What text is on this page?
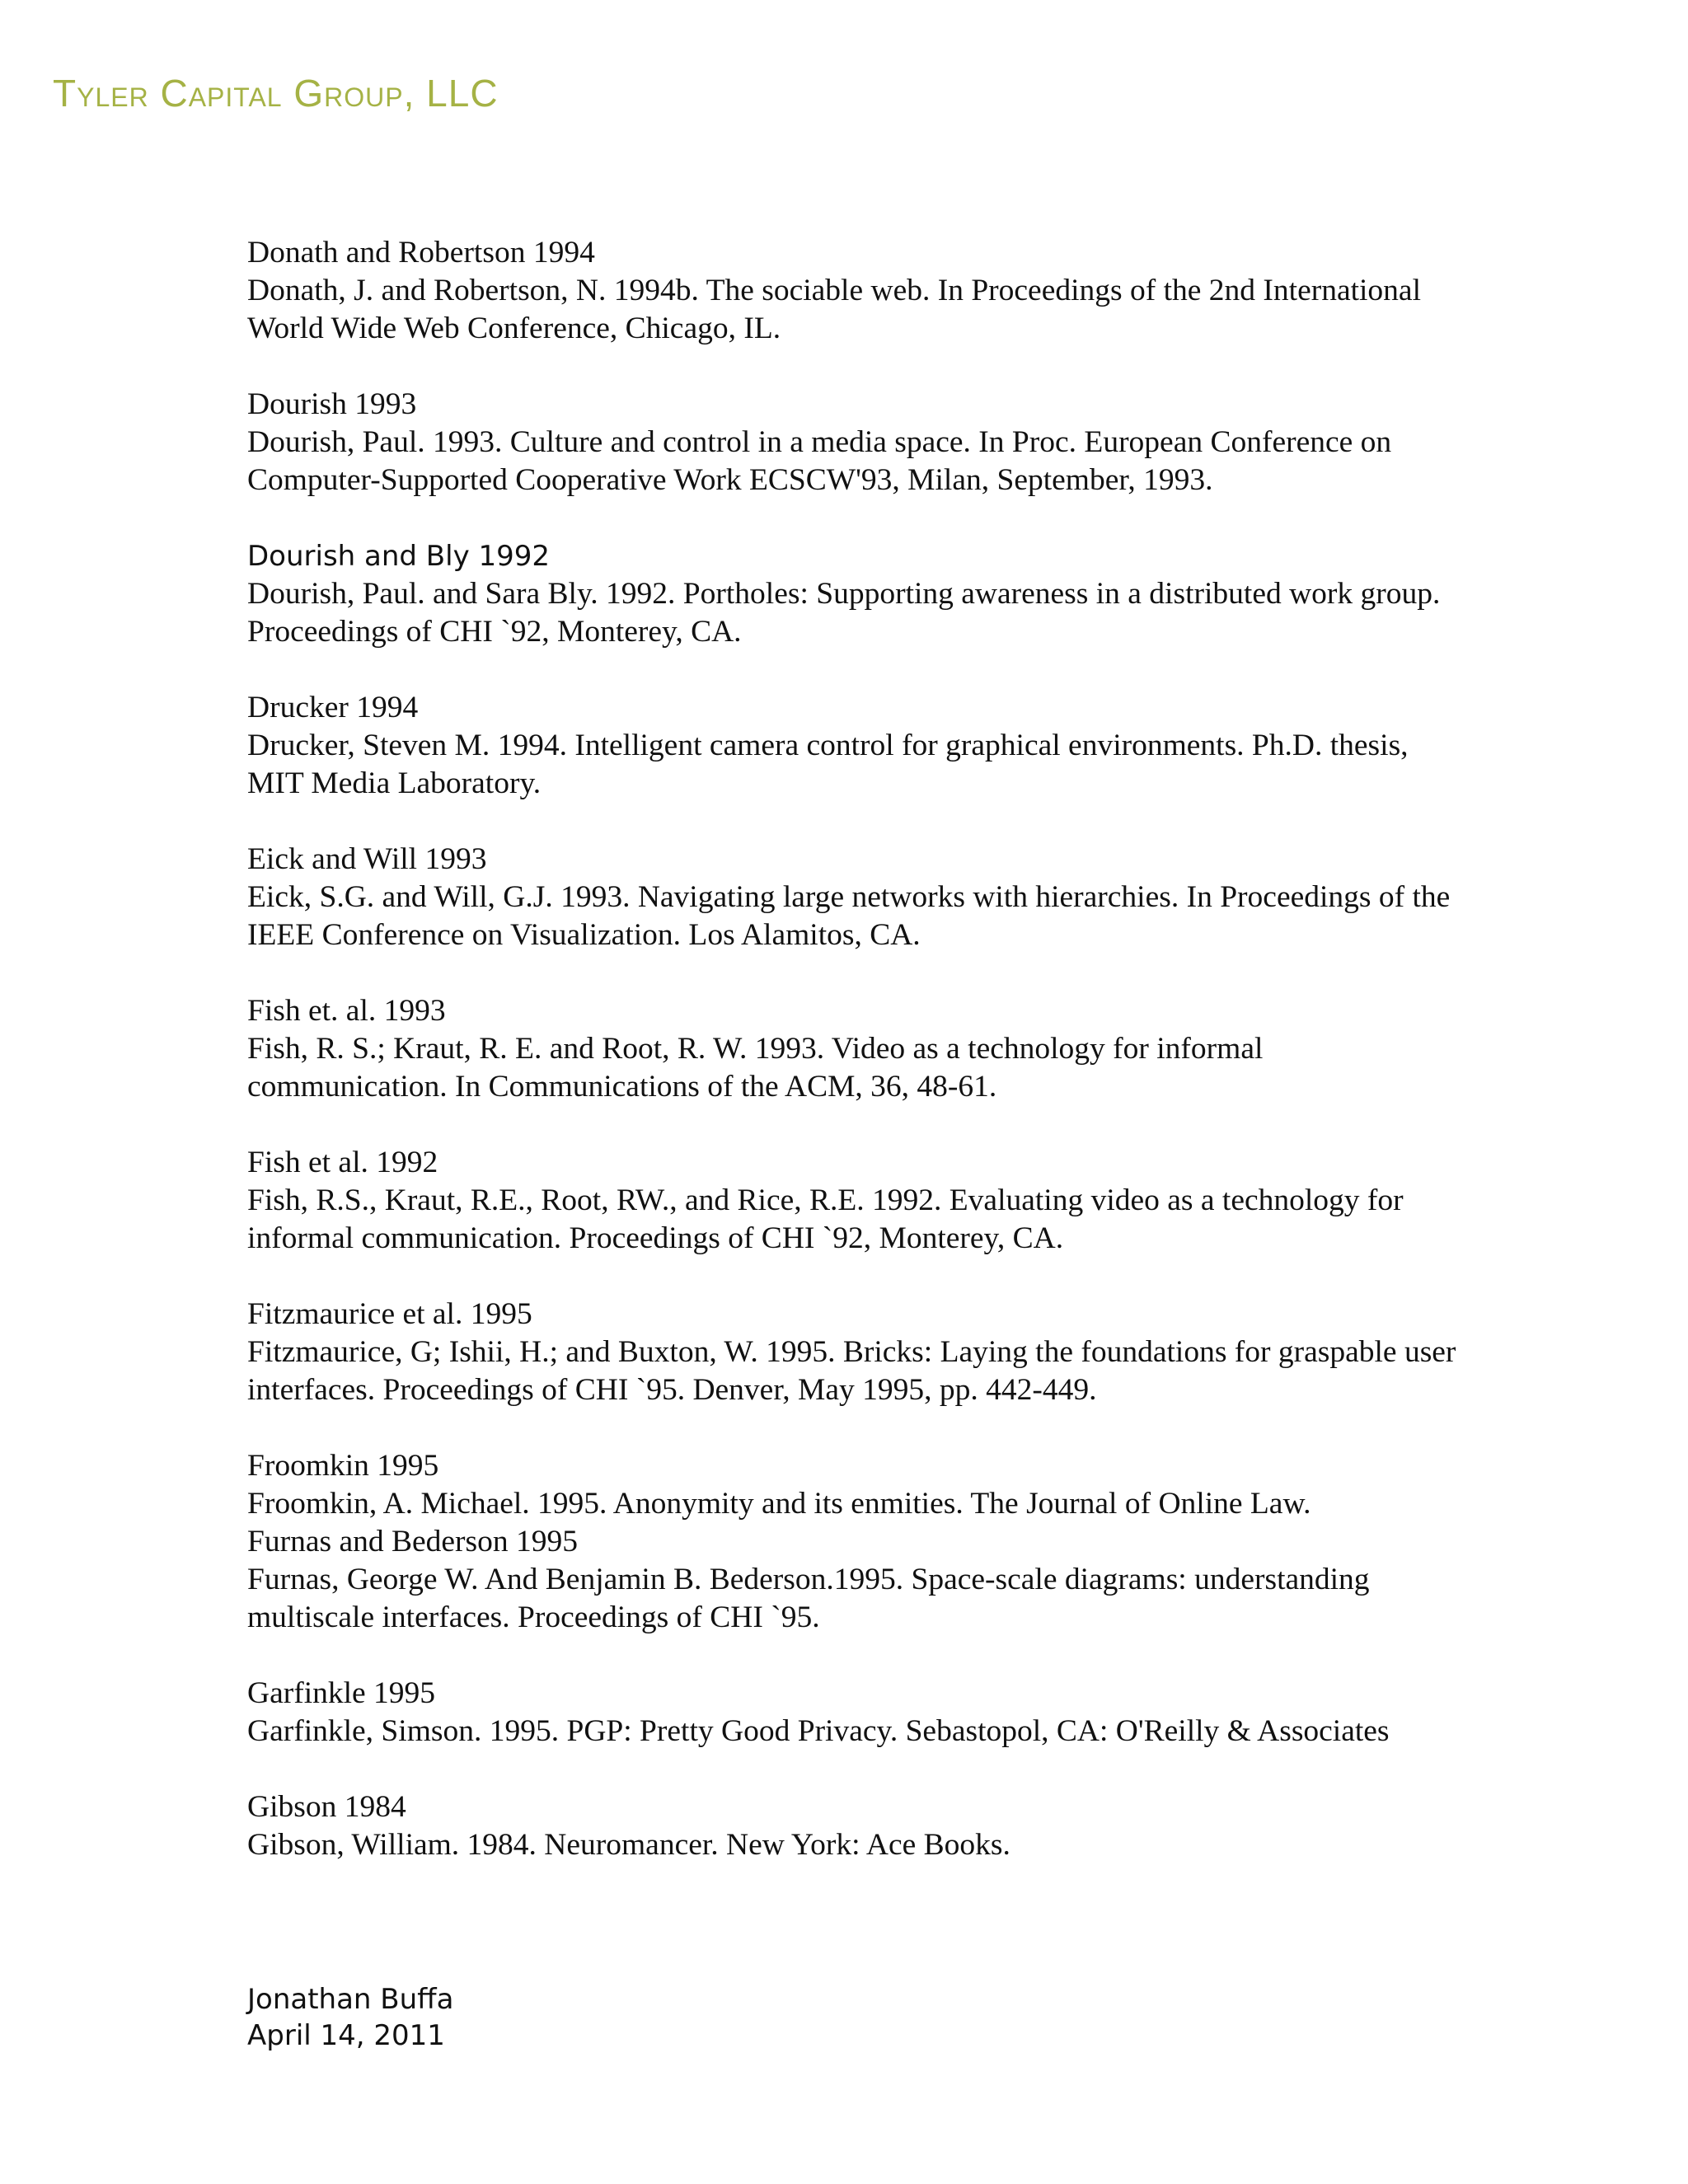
Tyler Capital Group, LLC
Donath and Robertson 1994
Donath, J. and Robertson, N. 1994b. The sociable web. In Proceedings of the 2nd International World Wide Web Conference, Chicago, IL.
Dourish 1993
Dourish, Paul. 1993. Culture and control in a media space. In Proc. European Conference on Computer-Supported Cooperative Work ECSCW'93, Milan, September, 1993.
Dourish and Bly 1992
Dourish, Paul. and Sara Bly. 1992. Portholes: Supporting awareness in a distributed work group. Proceedings of CHI `92, Monterey, CA.
Drucker 1994
Drucker, Steven M. 1994. Intelligent camera control for graphical environments. Ph.D. thesis, MIT Media Laboratory.
Eick and Will 1993
Eick, S.G. and Will, G.J. 1993. Navigating large networks with hierarchies. In Proceedings of the IEEE Conference on Visualization. Los Alamitos, CA.
Fish et. al. 1993
Fish, R. S.; Kraut, R. E. and Root, R. W. 1993. Video as a technology for informal communication. In Communications of the ACM, 36, 48-61.
Fish et al. 1992
Fish, R.S., Kraut, R.E., Root, RW., and Rice, R.E. 1992. Evaluating video as a technology for informal communication. Proceedings of CHI `92, Monterey, CA.
Fitzmaurice et al. 1995
Fitzmaurice, G; Ishii, H.; and Buxton, W. 1995. Bricks: Laying the foundations for graspable user interfaces. Proceedings of CHI `95. Denver, May 1995, pp. 442-449.
Froomkin 1995
Froomkin, A. Michael. 1995. Anonymity and its enmities. The Journal of Online Law.
Furnas and Bederson 1995
Furnas, George W. And Benjamin B. Bederson.1995. Space-scale diagrams: understanding multiscale interfaces. Proceedings of CHI `95.
Garfinkle 1995
Garfinkle, Simson. 1995. PGP: Pretty Good Privacy. Sebastopol, CA: O'Reilly & Associates
Gibson 1984
Gibson, William. 1984. Neuromancer. New York: Ace Books.
Jonathan Buffa
April 14, 2011
